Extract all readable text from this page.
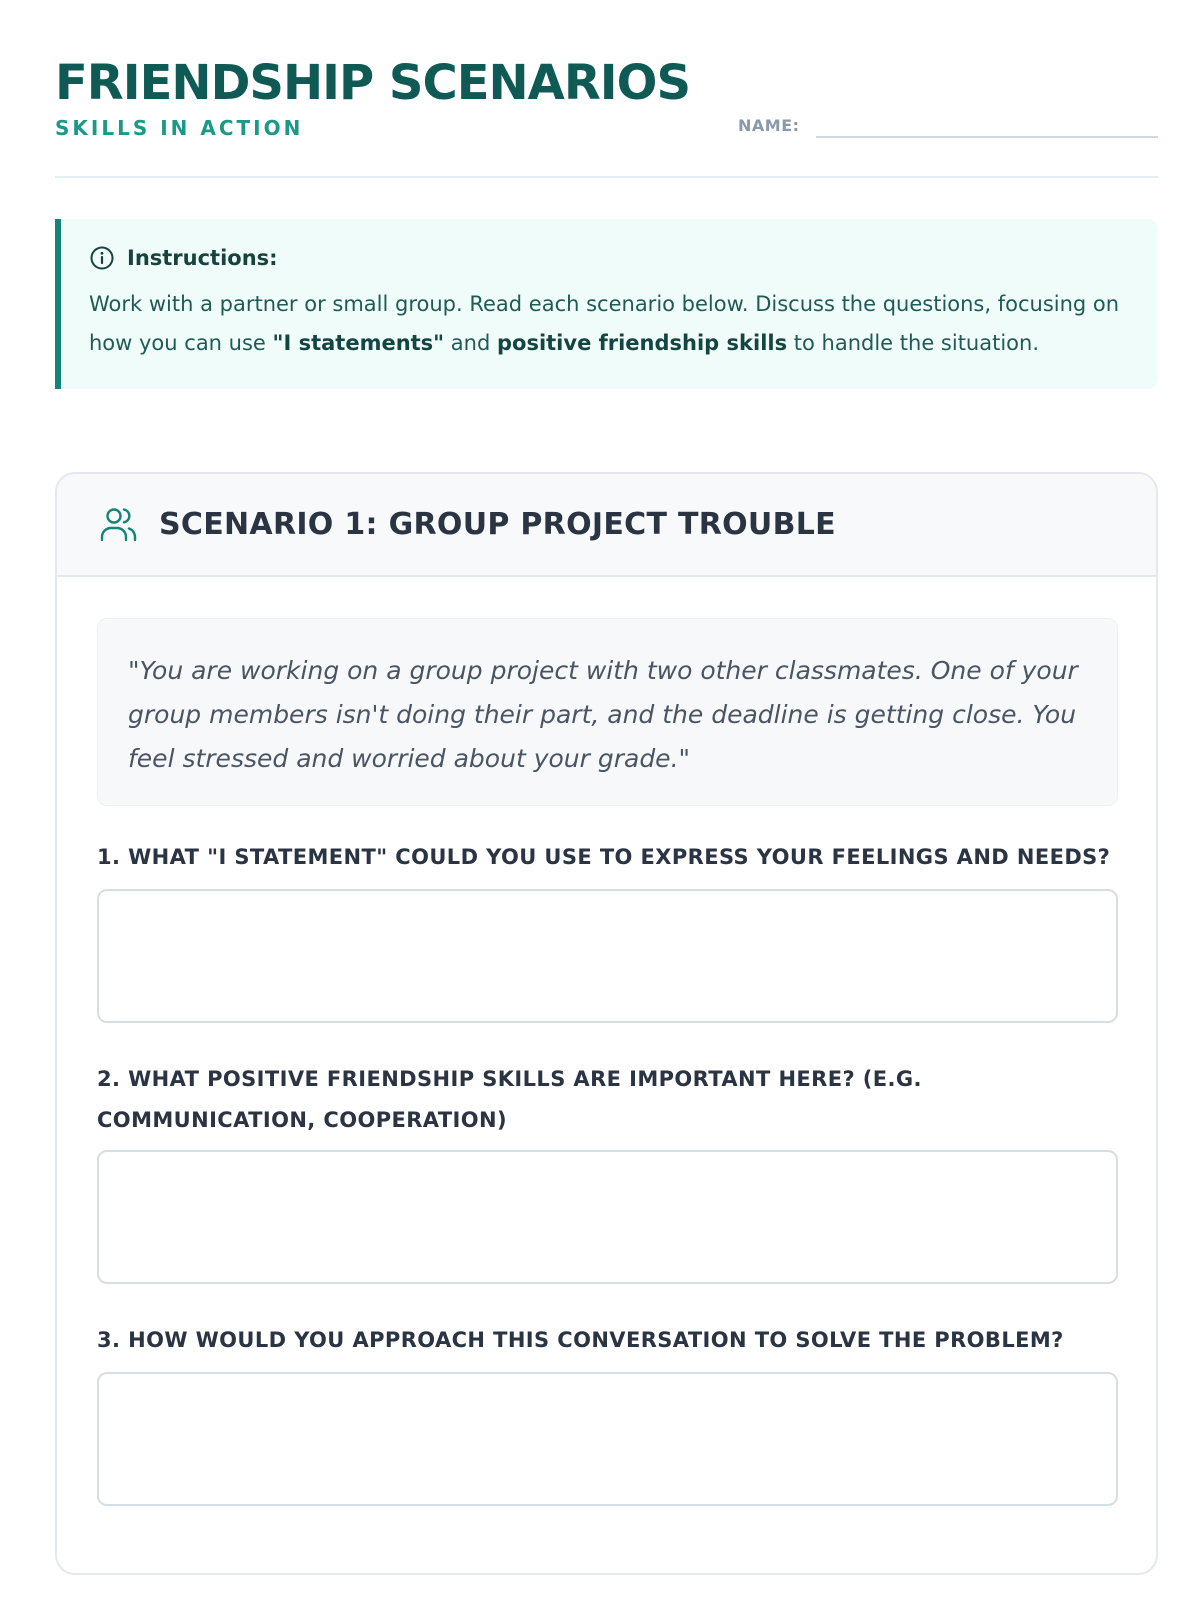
FRIENDSHIP SCENARIOS
SKILLS IN ACTION	NAME:
Instructions:
Work with a partner or small group. Read each scenario below. Discuss the questions, focusing on how you can use "I statements" and positive friendship skills to handle the situation.
SCENARIO 1: GROUP PROJECT TROUBLE

"You are working on a group project with two other classmates. One of your group members isn't doing their part, and the deadline is getting close. You feel stressed and worried about your grade."

1. WHAT "I STATEMENT" COULD YOU USE TO EXPRESS YOUR FEELINGS AND NEEDS?
2. WHAT POSITIVE FRIENDSHIP SKILLS ARE IMPORTANT HERE? (E.G. COMMUNICATION, COOPERATION)
3. HOW WOULD YOU APPROACH THIS CONVERSATION TO SOLVE THE PROBLEM?
